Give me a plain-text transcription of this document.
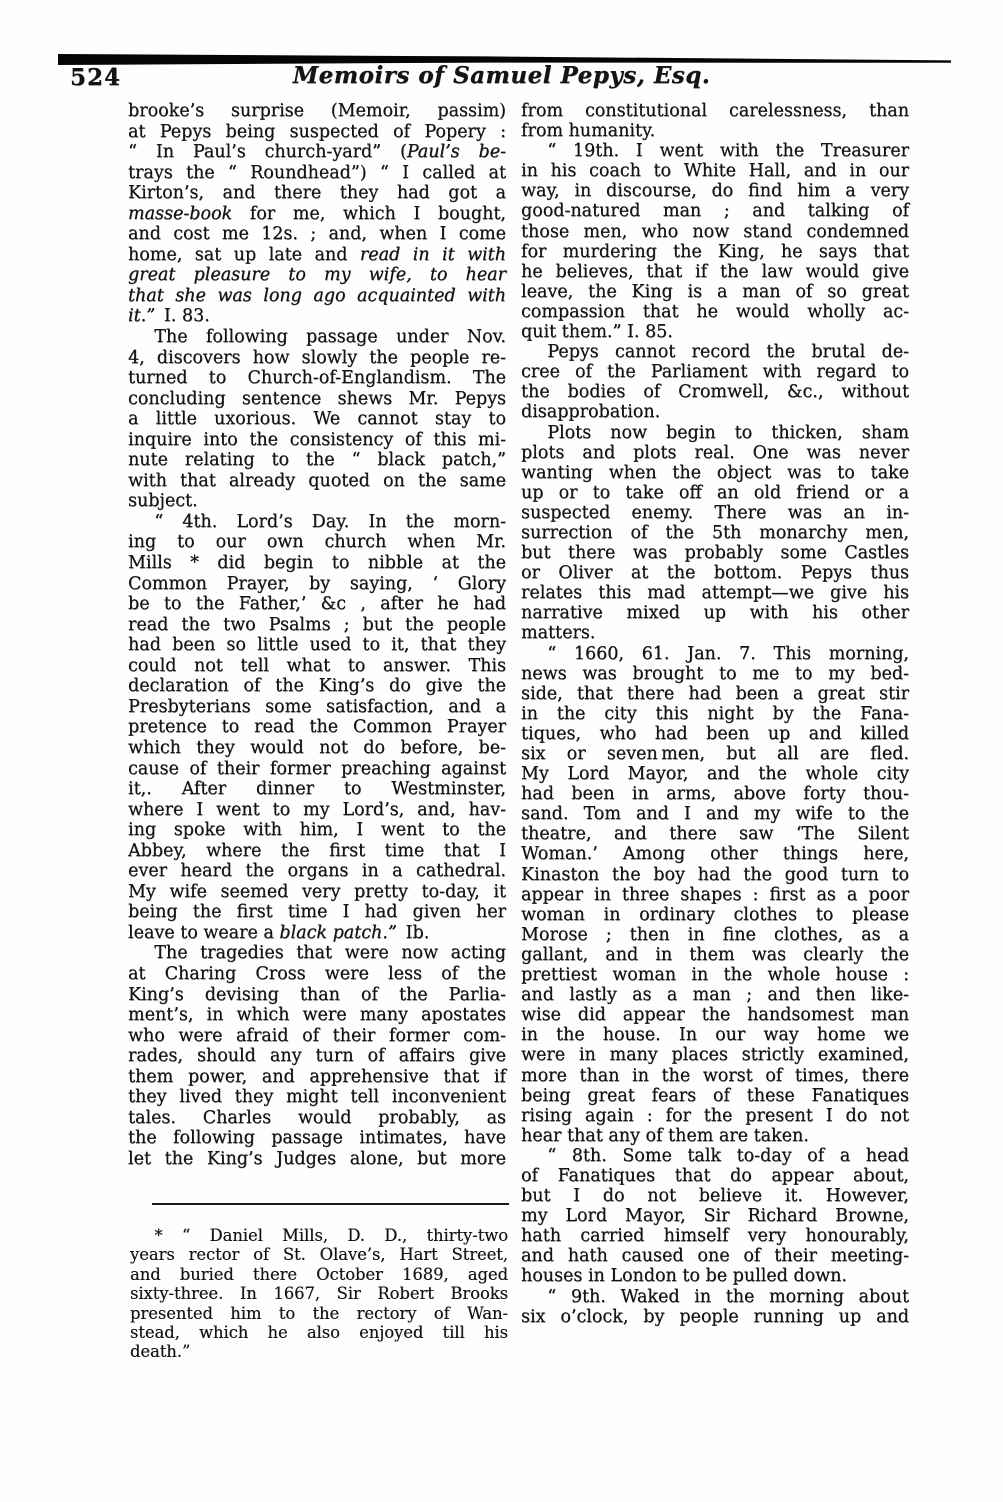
524	Memoirs of Samuel Pepys, Esq.
brooke’s surprise (Memoir, passim)
at Pepys being suspected of Popery :
“ In Paul’s church-yard” (Paul’s be-
trays the “ Roundhead”) “ I called at
Kirton’s, and there they had got a
masse-book for me, which I bought,
and cost me 12s. ; and, when I come
home, sat up late and read in it with
great pleasure to my wife, to hear
that she was long ago acquainted with
it.” I. 83.
The following passage under Nov.
4, discovers how slowly the people re-
turned to Church-of-Englandism. The
concluding sentence shews Mr. Pepys
a little uxorious. We cannot stay to
inquire into the consistency of this mi-
nute relating to the “ black patch,”
with that already quoted on the same
subject.
“ 4th. Lord’s Day. In the morn-
ing to our own church when Mr.
Mills * did begin to nibble at the
Common Prayer, by saying, ‘ Glory
be to the Father,’ &c , after he had
read the two Psalms ; but the people
had been so little used to it, that they
could not tell what to answer. This
declaration of the King’s do give the
Presbyterians some satisfaction, and a
pretence to read the Common Prayer
which they would not do before, be-
cause of their former preaching against
it,. After dinner to Westminster,
where I went to my Lord’s, and, hav-
ing spoke with him, I went to the
Abbey, where the first time that I
ever heard the organs in a cathedral.
My wife seemed very pretty to-day, it
being the first time I had given her
leave to weare a black patch.” Ib.
The tragedies that were now acting
at Charing Cross were less of the
King’s devising than of the Parlia-
ment’s, in which were many apostates
who were afraid of their former com-
rades, should any turn of affairs give
them power, and apprehensive that if
they lived they might tell inconvenient
tales. Charles would probably, as
the following passage intimates, have
let the King’s Judges alone, but more
from constitutional carelessness, than
from humanity.
“ 19th. I went with the Treasurer
in his coach to White Hall, and in our
way, in discourse, do find him a very
good-natured man ; and talking of
those men, who now stand condemned
for murdering the King, he says that
he believes, that if the law would give
leave, the King is a man of so great
compassion that he would wholly ac-
quit them.” I. 85.
Pepys cannot record the brutal de-
cree of the Parliament with regard to
the bodies of Cromwell, &c., without
disapprobation.
Plots now begin to thicken, sham
plots and plots real. One was never
wanting when the object was to take
up or to take off an old friend or a
suspected enemy. There was an in-
surrection of the 5th monarchy men,
but there was probably some Castles
or Oliver at the bottom. Pepys thus
relates this mad attempt—we give his
narrative mixed up with his other
matters.
“ 1660, 61. Jan. 7. This morning,
news was brought to me to my bed-
side, that there had been a great stir
in the city this night by the Fana-
tiques, who had been up and killed
six or seven men, but all are fled.
My Lord Mayor, and the whole city
had been in arms, above forty thou-
sand. Tom and I and my wife to the
theatre, and there saw ‘The Silent
Woman.’ Among other things here,
Kinaston the boy had the good turn to
appear in three shapes : first as a poor
woman in ordinary clothes to please
Morose ; then in fine clothes, as a
gallant, and in them was clearly the
prettiest woman in the whole house :
and lastly as a man ; and then like-
wise did appear the handsomest man
in the house. In our way home we
were in many places strictly examined,
more than in the worst of times, there
being great fears of these Fanatiques
rising again : for the present I do not
hear that any of them are taken.
“ 8th. Some talk to-day of a head
of Fanatiques that do appear about,
but I do not believe it. However,
my Lord Mayor, Sir Richard Browne,
hath carried himself very honourably,
and hath caused one of their meeting-
houses in London to be pulled down.
“ 9th. Waked in the morning about
six o’clock, by people running up and
* “ Daniel Mills, D. D., thirty-two
years rector of St. Olave’s, Hart Street,
and buried there October 1689, aged
sixty-three. In 1667, Sir Robert Brooks
presented him to the rectory of Wan-
stead, which he also enjoyed till his
death.”
